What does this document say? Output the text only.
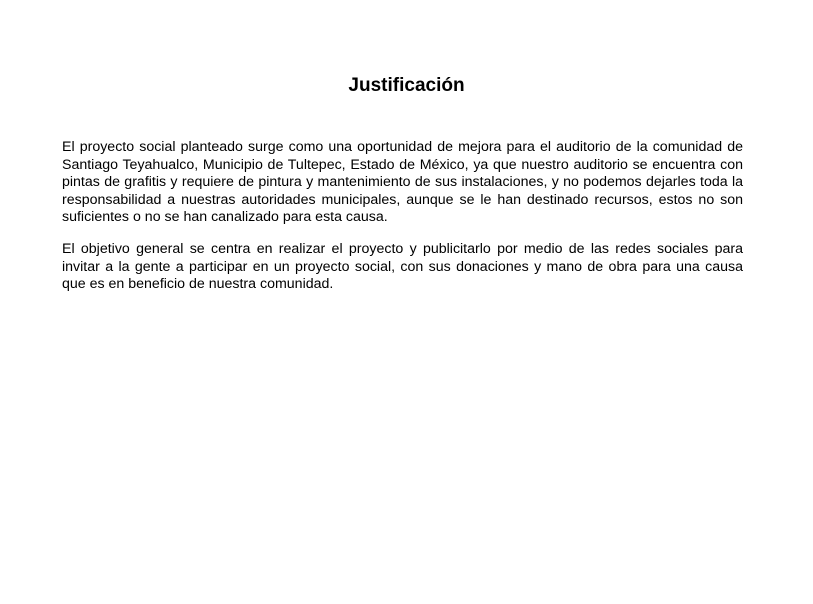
Justificación

El proyecto social planteado surge como una oportunidad de mejora para el auditorio de la comunidad de Santiago Teyahualco, Municipio de Tultepec, Estado de México, ya que nuestro auditorio se encuentra con pintas de grafitis y requiere de pintura y mantenimiento de sus instalaciones, y no podemos dejarles toda la responsabilidad a nuestras autoridades municipales, aunque se le han destinado recursos, estos no son suficientes o no se han canalizado para esta causa.

El objetivo general se centra en realizar el proyecto y publicitarlo por medio de las redes sociales para invitar a la gente a participar en un proyecto social, con sus donaciones y mano de obra para una causa que es en beneficio de nuestra comunidad.
